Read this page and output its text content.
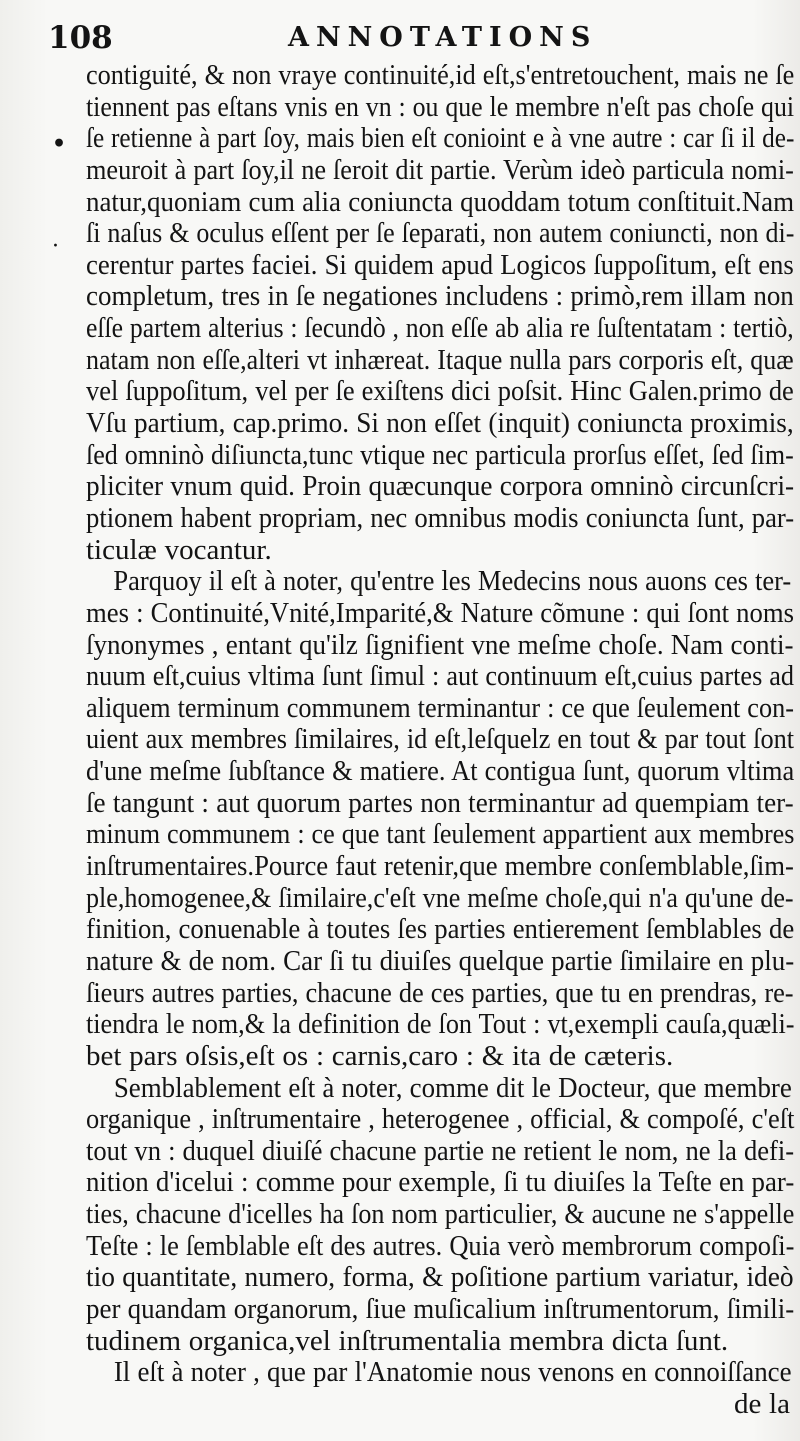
108	ANNOTATIONS
•
·
contiguité, & non vraye continuité,id eſt,s'entretouchent, mais ne ſe
tiennent pas eſtans vnis en vn : ou que le membre n'eſt pas choſe qui
ſe retienne à part ſoy, mais bien eſt conioint e à vne autre : car ſi il de-
meuroit à part ſoy,il ne ſeroit dit partie. Verùm ideò particula nomi-
natur,quoniam cum alia coniuncta quoddam totum conſtituit.Nam
ſi naſus & oculus eſſent per ſe ſeparati, non autem coniuncti, non di-
cerentur partes faciei. Si quidem apud Logicos ſuppoſitum, eſt ens
completum, tres in ſe negationes includens : primò,rem illam non
eſſe partem alterius : ſecundò , non eſſe ab alia re ſuſtentatam : tertiò,
natam non eſſe,alteri vt inhæreat. Itaque nulla pars corporis eſt, quæ
vel ſuppoſitum, vel per ſe exiſtens dici poſsit. Hinc Galen.primo de
Vſu partium, cap.primo. Si non eſſet (inquit) coniuncta proximis,
ſed omninò diſiuncta,tunc vtique nec particula prorſus eſſet, ſed ſim-
pliciter vnum quid. Proin quæcunque corpora omninò circunſcri-
ptionem habent propriam, nec omnibus modis coniuncta ſunt, par-
ticulæ vocantur.
Parquoy il eſt à noter, qu'entre les Medecins nous auons ces ter-
mes : Continuité,Vnité,Imparité,& Nature cõmune : qui ſont noms
ſynonymes , entant qu'ilz ſignifient vne meſme choſe. Nam conti-
nuum eſt,cuius vltima ſunt ſimul : aut continuum eſt,cuius partes ad
aliquem terminum communem terminantur : ce que ſeulement con-
uient aux membres ſimilaires, id eſt,leſquelz en tout & par tout ſont
d'une meſme ſubſtance & matiere. At contigua ſunt, quorum vltima
ſe tangunt : aut quorum partes non terminantur ad quempiam ter-
minum communem : ce que tant ſeulement appartient aux membres
inſtrumentaires.Pource faut retenir,que membre conſemblable,ſim-
ple,homogenee,& ſimilaire,c'eſt vne meſme choſe,qui n'a qu'une de-
finition, conuenable à toutes ſes parties entierement ſemblables de
nature & de nom. Car ſi tu diuiſes quelque partie ſimilaire en plu-
ſieurs autres parties, chacune de ces parties, que tu en prendras, re-
tiendra le nom,& la definition de ſon Tout : vt,exempli cauſa,quæli-
bet pars oſsis,eſt os : carnis,caro : & ita de cæteris.
Semblablement eſt à noter, comme dit le Docteur, que membre
organique , inſtrumentaire , heterogenee , official, & compoſé, c'eſt
tout vn : duquel diuiſé chacune partie ne retient le nom, ne la defi-
nition d'icelui : comme pour exemple, ſi tu diuiſes la Teſte en par-
ties, chacune d'icelles ha ſon nom particulier, & aucune ne s'appelle
Teſte : le ſemblable eſt des autres. Quia verò membrorum compoſi-
tio quantitate, numero, forma, & poſitione partium variatur, ideò
per quandam organorum, ſiue muſicalium inſtrumentorum, ſimili-
tudinem organica,vel inſtrumentalia membra dicta ſunt.
Il eſt à noter , que par l'Anatomie nous venons en connoiſſance
de la
